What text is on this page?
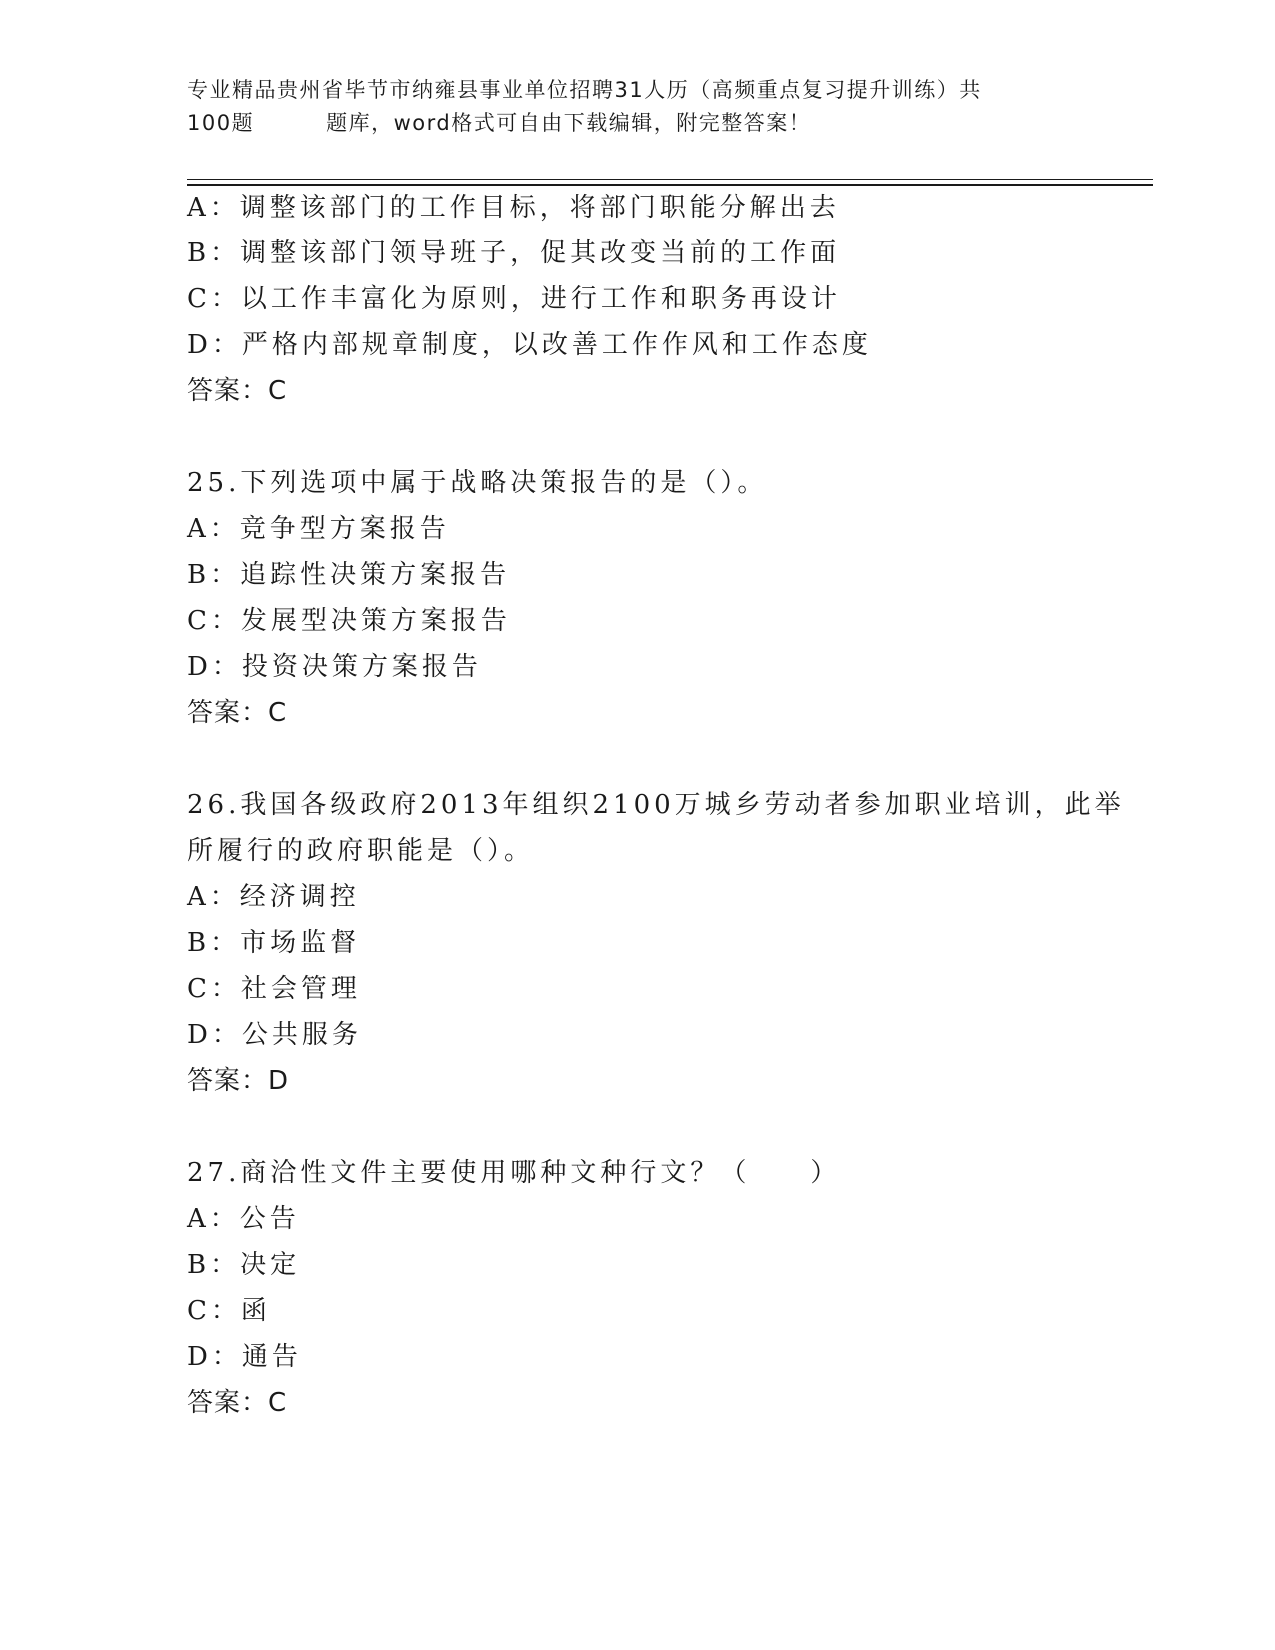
专业精品贵州省毕节市纳雍县事业单位招聘31人历（高频重点复习提升训练）共
100题	题库，word格式可自由下载编辑，附完整答案！
A：调整该部门的工作目标，将部门职能分解出去
B：调整该部门领导班子，促其改变当前的工作面
C：以工作丰富化为原则，进行工作和职务再设计
D：严格内部规章制度，以改善工作作风和工作态度
答案：C
25.下列选项中属于战略决策报告的是（）。
A：竞争型方案报告
B：追踪性决策方案报告
C：发展型决策方案报告
D：投资决策方案报告
答案：C
26.我国各级政府2013年组织2100万城乡劳动者参加职业培训，此举
所履行的政府职能是（）。
A：经济调控
B：市场监督
C：社会管理
D：公共服务
答案：D
27.商洽性文件主要使用哪种文种行文？（　　）
A：公告
B：决定
C：函
D：通告
答案：C
